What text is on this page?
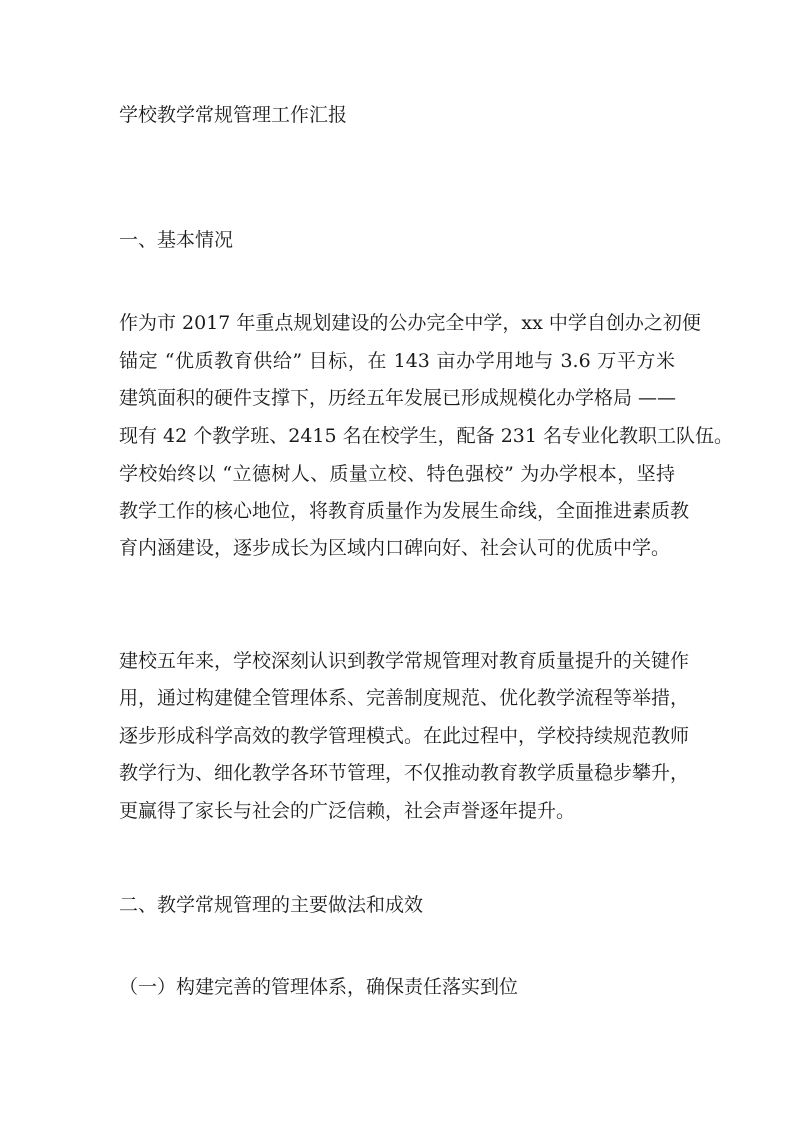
学校教学常规管理工作汇报
一、基本情况
作为市 2017 年重点规划建设的公办完全中学，xx 中学自创办之初便
锚定 “优质教育供给” 目标，在 143 亩办学用地与 3.6 万平方米
建筑面积的硬件支撑下，历经五年发展已形成规模化办学格局 ——
现有 42 个教学班、2415 名在校学生，配备 231 名专业化教职工队伍。
学校始终以 “立德树人、质量立校、特色强校” 为办学根本，坚持
教学工作的核心地位，将教育质量作为发展生命线，全面推进素质教
育内涵建设，逐步成长为区域内口碑向好、社会认可的优质中学。
建校五年来，学校深刻认识到教学常规管理对教育质量提升的关键作
用，通过构建健全管理体系、完善制度规范、优化教学流程等举措，
逐步形成科学高效的教学管理模式。在此过程中，学校持续规范教师
教学行为、细化教学各环节管理，不仅推动教育教学质量稳步攀升，
更赢得了家长与社会的广泛信赖，社会声誉逐年提升。
二、教学常规管理的主要做法和成效
（一）构建完善的管理体系，确保责任落实到位
